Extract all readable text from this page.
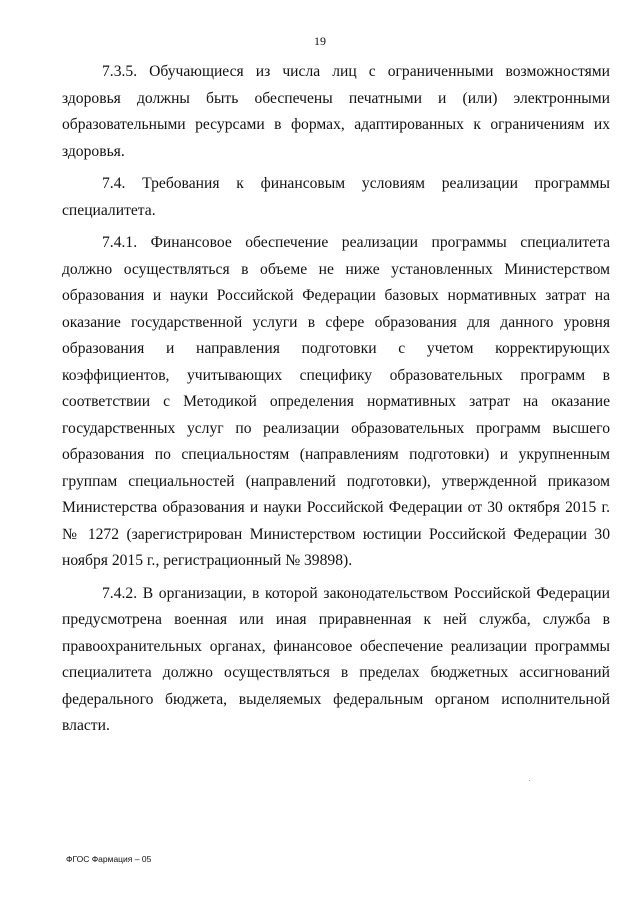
19

7.3.5. Обучающиеся из числа лиц с ограниченными возможностями здоровья должны быть обеспечены печатными и (или) электронными образовательными ресурсами в формах, адаптированных к ограничениям их здоровья.

7.4. Требования к финансовым условиям реализации программы специалитета.

7.4.1. Финансовое обеспечение реализации программы специалитета должно осуществляться в объеме не ниже установленных Министерством образования и науки Российской Федерации базовых нормативных затрат на оказание государственной услуги в сфере образования для данного уровня образования и направления подготовки с учетом корректирующих коэффициентов, учитывающих специфику образовательных программ в соответствии с Методикой определения нормативных затрат на оказание государственных услуг по реализации образовательных программ высшего образования по специальностям (направлениям подготовки) и укрупненным группам специальностей (направлений подготовки), утвержденной приказом Министерства образования и науки Российской Федерации от 30 октября 2015 г. № 1272 (зарегистрирован Министерством юстиции Российской Федерации 30 ноября 2015 г., регистрационный № 39898).

7.4.2. В организации, в которой законодательством Российской Федерации предусмотрена военная или иная приравненная к ней служба, служба в правоохранительных органах, финансовое обеспечение реализации программы специалитета должно осуществляться в пределах бюджетных ассигнований федерального бюджета, выделяемых федеральным органом исполнительной власти.

ФГОС Фармация – 05
